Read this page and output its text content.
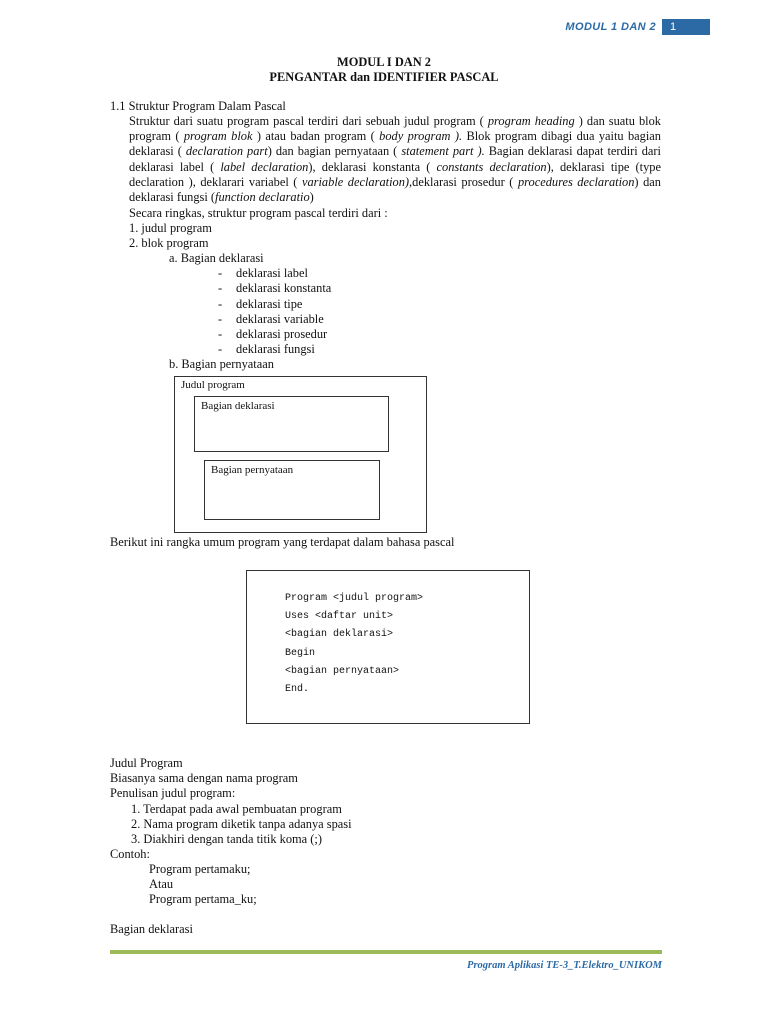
MODUL 1 DAN 2	1
MODUL I DAN 2
PENGANTAR dan IDENTIFIER PASCAL
1.1 Struktur Program Dalam Pascal
Struktur dari suatu program pascal terdiri dari sebuah judul program ( program heading ) dan suatu blok program ( program blok ) atau badan program ( body program ). Blok program dibagi dua yaitu bagian deklarasi ( declaration part) dan bagian pernyataan ( statement part ). Bagian deklarasi dapat terdiri dari deklarasi label ( label declaration), deklarasi konstanta ( constants declaration), deklarasi tipe (type declaration ), deklarari variabel ( variable declaration),deklarasi prosedur ( procedures declaration) dan deklarasi fungsi (function declaratio)
Secara ringkas, struktur program pascal terdiri dari :
1. judul program
2. blok program
a. Bagian deklarasi
- deklarasi label
- deklarasi konstanta
- deklarasi tipe
- deklarasi variable
- deklarasi prosedur
- deklarasi fungsi
b. Bagian pernyataan
Judul program
Bagian deklarasi
Bagian pernyataan
Berikut ini rangka umum program yang terdapat dalam bahasa pascal
Program <judul program>
Uses <daftar unit>
<bagian deklarasi>
Begin
<bagian pernyataan>
End.
Judul Program
Biasanya sama dengan nama program
Penulisan judul program:
1. Terdapat pada awal pembuatan program
2. Nama program diketik tanpa adanya spasi
3. Diakhiri dengan tanda titik koma (;)
Contoh:
Program pertamaku;
Atau
Program pertama_ku;
Bagian deklarasi
Program Aplikasi TE-3_T.Elektro_UNIKOM
